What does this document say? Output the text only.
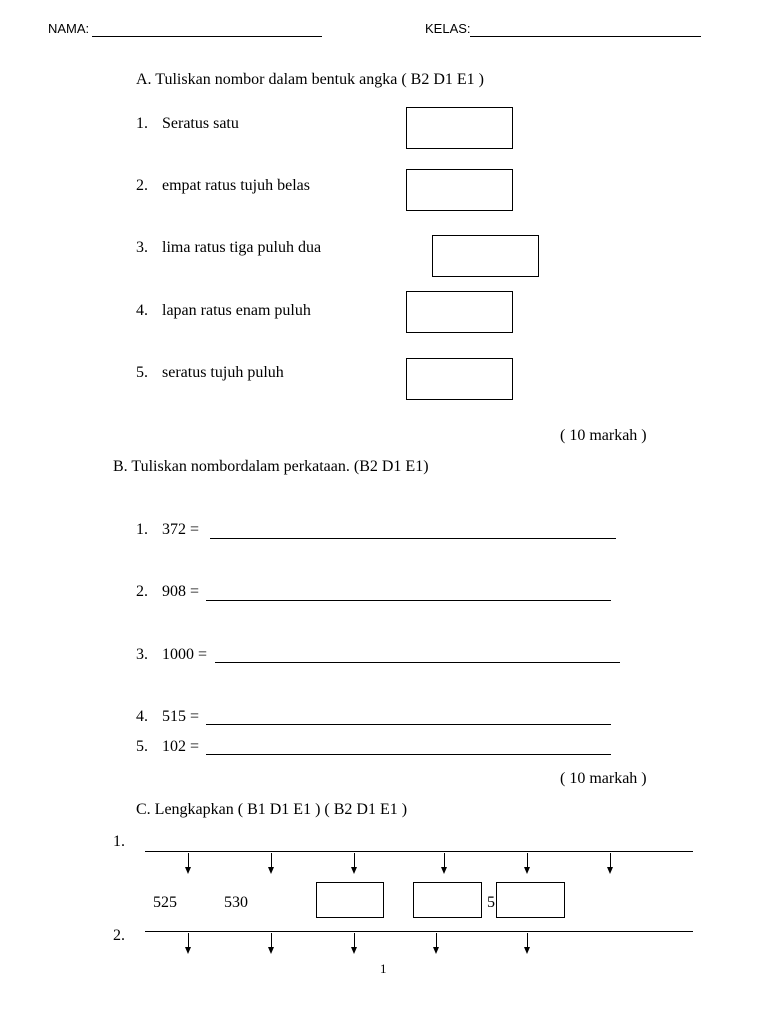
NAMA:	KELAS:
A. Tuliskan nombor dalam bentuk angka ( B2 D1 E1 )
1. Seratus satu
2. empat ratus tujuh belas
3. lima ratus tiga puluh dua
4. lapan ratus enam puluh
5. seratus tujuh puluh
( 10 markah )
B. Tuliskan nombordalam perkataan. (B2 D1 E1)
1. 372 =
2. 908 =
3. 1000 =
4. 515 =
5. 102 =
( 10 markah )
C. Lengkapkan ( B1 D1 E1 ) ( B2 D1 E1 )
1.
525	530	5
2.
1
